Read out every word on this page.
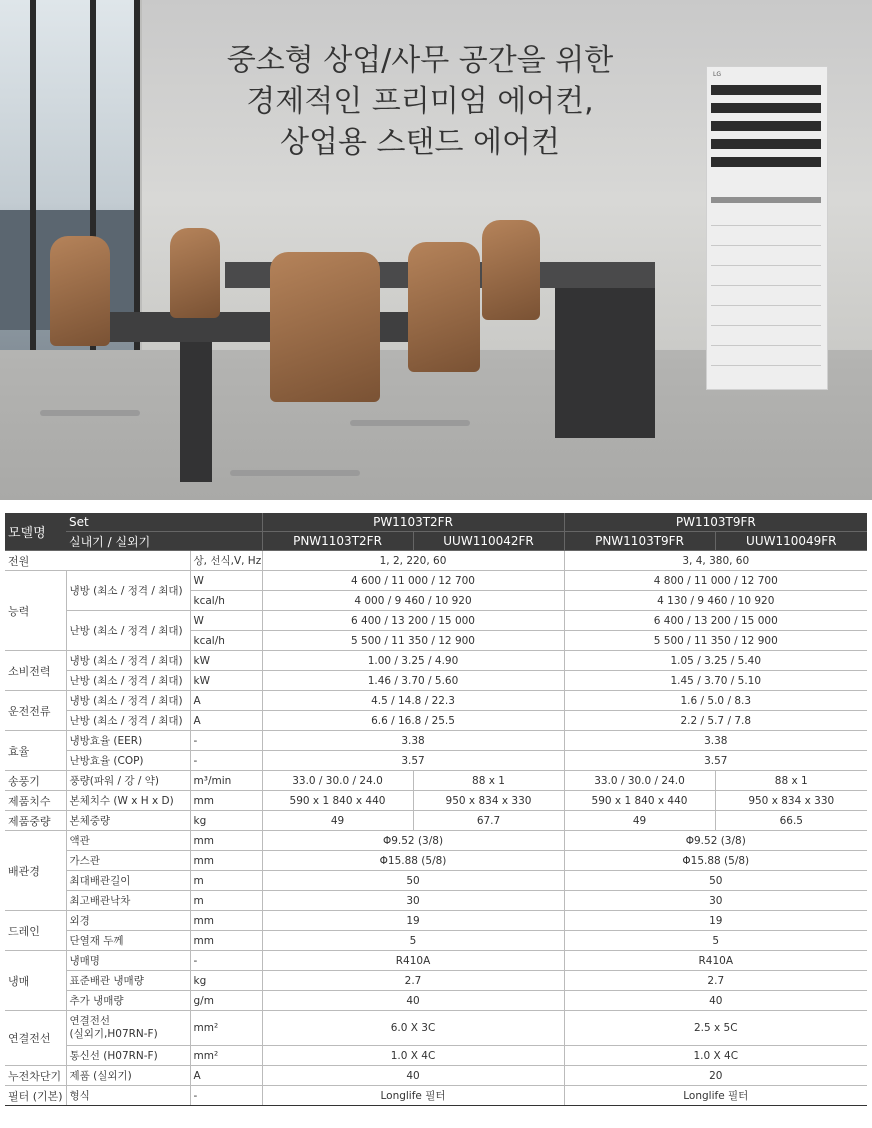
중소형 상업/사무 공간을 위한
경제적인 프리미엄 에어컨,
상업용 스탠드 에어컨
LG
모델명	Set		PW1103T2FR		PW1103T9FR	
	실내기 / 실외기		PNW1103T2FR	UUW110042FR	PNW1103T9FR	UUW110049FR
전원		상, 선식,V, Hz	1, 2, 220, 60		3, 4, 380, 60	
능력	냉방 (최소 / 정격 / 최대)	W	4 600 / 11 000 / 12 700		4 800 / 11 000 / 12 700	
		kcal/h	4 000 / 9 460 / 10 920		4 130 / 9 460 / 10 920	
	난방 (최소 / 정격 / 최대)	W	6 400 / 13 200 / 15 000		6 400 / 13 200 / 15 000	
		kcal/h	5 500 / 11 350 / 12 900		5 500 / 11 350 / 12 900	
소비전력	냉방 (최소 / 정격 / 최대)	kW	1.00 / 3.25 / 4.90		1.05 / 3.25 / 5.40	
	난방 (최소 / 정격 / 최대)	kW	1.46 / 3.70 / 5.60		1.45 / 3.70 / 5.10	
운전전류	냉방 (최소 / 정격 / 최대)	A	4.5 / 14.8 / 22.3		1.6 / 5.0 / 8.3	
	난방 (최소 / 정격 / 최대)	A	6.6 / 16.8 / 25.5		2.2 / 5.7 / 7.8	
효율	냉방효율 (EER)	-	3.38		3.38	
	난방효율 (COP)	-	3.57		3.57	
송풍기	풍량(파워 / 강 / 약)	m³/min	33.0 / 30.0 / 24.0	88 x 1	33.0 / 30.0 / 24.0	88 x 1
제품치수	본체치수 (W x H x D)	mm	590 x 1 840 x 440	950 x 834 x 330	590 x 1 840 x 440	950 x 834 x 330
제품중량	본체중량	kg	49	67.7	49	66.5
배관경	액관	mm	Φ9.52 (3/8)		Φ9.52 (3/8)	
	가스관	mm	Φ15.88 (5/8)		Φ15.88 (5/8)	
	최대배관길이	m	50		50	
	최고배관낙차	m	30		30	
드레인	외경	mm	19		19	
	단열재 두께	mm	5		5	
냉매	냉매명	-	R410A		R410A	
	표준배관 냉매량	kg	2.7		2.7	
	추가 냉매량	g/m	40		40	
연결전선	연결전선
(실외기,H07RN-F)	mm²	6.0 X 3C		2.5 x 5C	
	통신선 (H07RN-F)	mm²	1.0 X 4C		1.0 X 4C	
누전차단기	제품 (실외기)	A	40		20	
필터 (기본)	형식	-	Longlife 필터		Longlife 필터	
